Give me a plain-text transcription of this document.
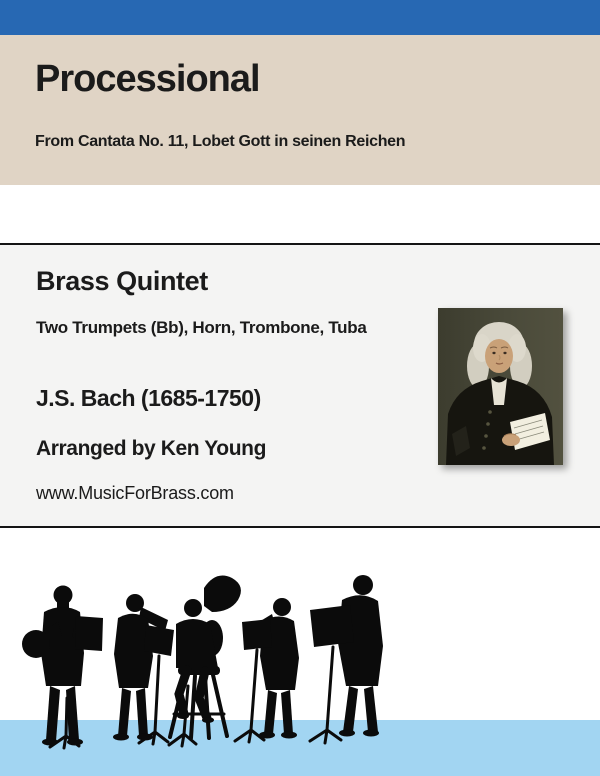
Processional
From Cantata No. 11, Lobet Gott in seinen Reichen

Brass Quintet

Two Trumpets (Bb), Horn, Trombone, Tuba

J.S. Bach (1685-1750)

Arranged by Ken Young

www.MusicForBrass.com
